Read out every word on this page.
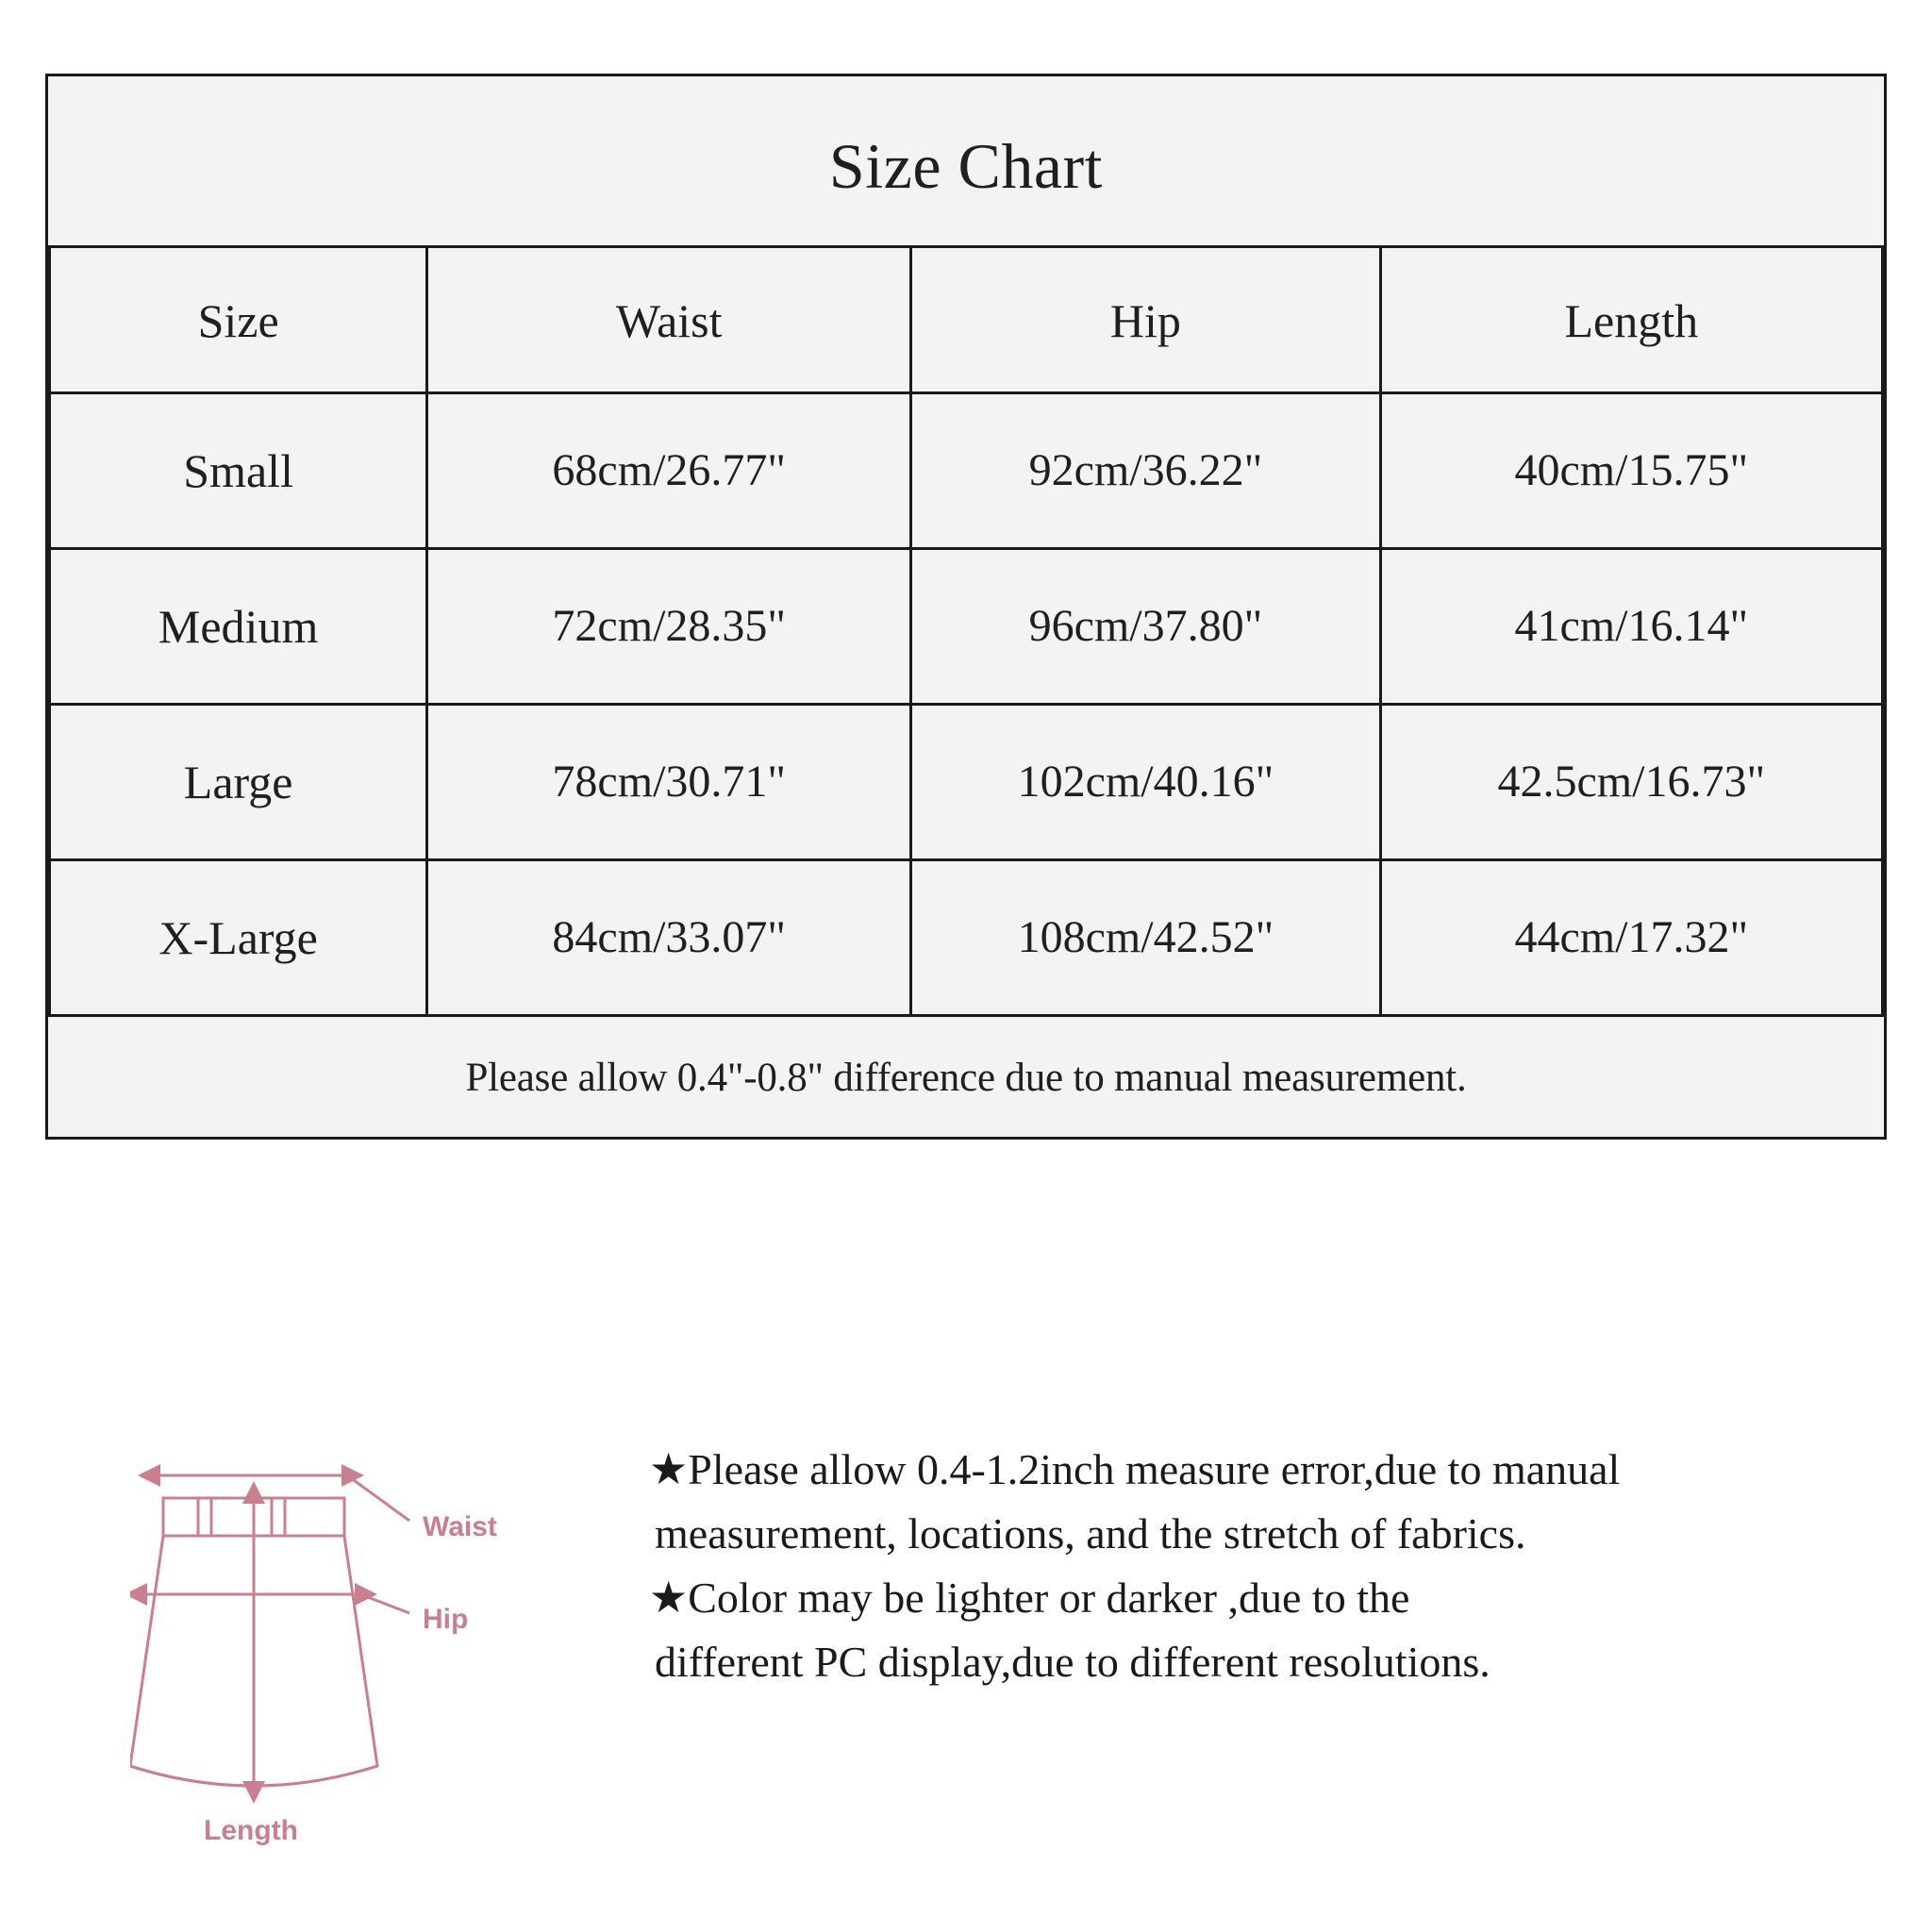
Size Chart			
Size	Waist	Hip	Length
Small	68cm/26.77"	92cm/36.22"	40cm/15.75"
Medium	72cm/28.35"	96cm/37.80"	41cm/16.14"
Large	78cm/30.71"	102cm/40.16"	42.5cm/16.73"
X-Large	84cm/33.07"	108cm/42.52"	44cm/17.32"
Please allow 0.4"-0.8" difference due to manual measurement.			
Waist
Hip
Length
★Please allow 0.4-1.2inch measure error,due to manual
measurement, locations, and the stretch of fabrics.
★Color may be lighter or darker ,due to the
different PC display,due to different resolutions.
